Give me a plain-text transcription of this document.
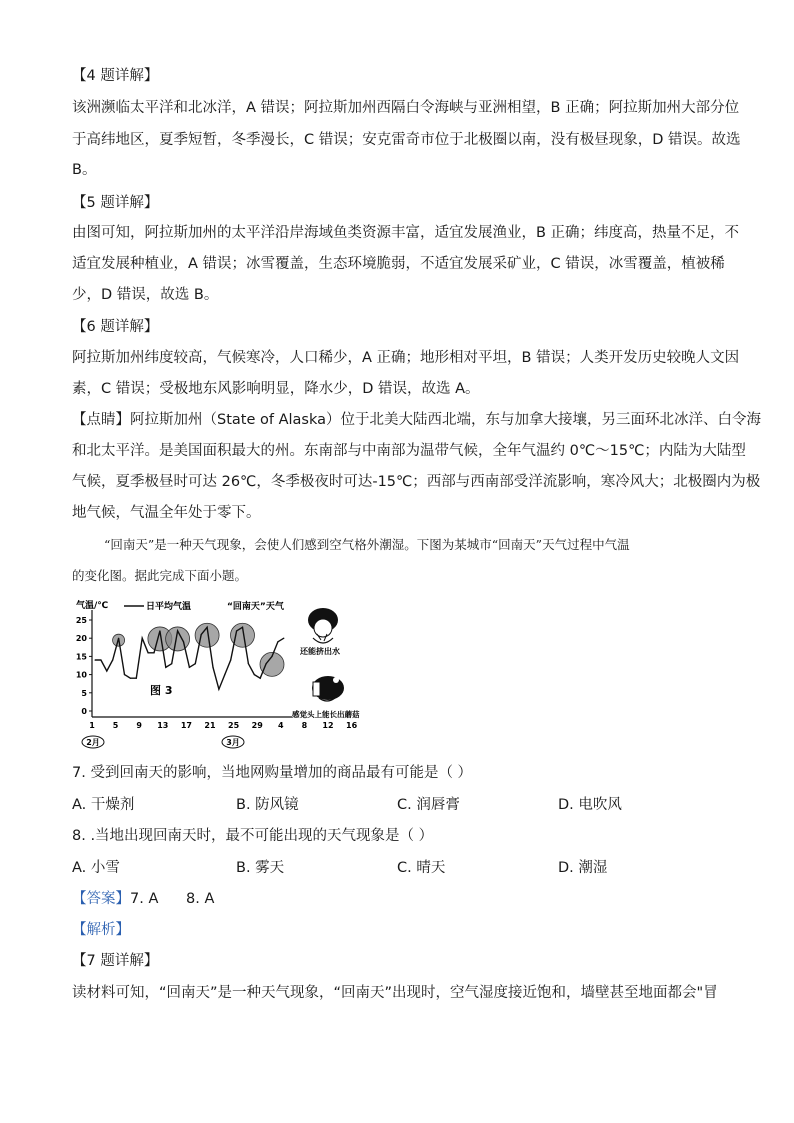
【4 题详解】
该洲濒临太平洋和北冰洋，A 错误；阿拉斯加州西隔白令海峡与亚洲相望，B 正确；阿拉斯加州大部分位
于高纬地区，夏季短暂，冬季漫长，C 错误；安克雷奇市位于北极圈以南，没有极昼现象，D 错误。故选
B。
【5 题详解】
由图可知，阿拉斯加州的太平洋沿岸海域鱼类资源丰富，适宜发展渔业，B 正确；纬度高，热量不足，不
适宜发展种植业，A 错误；冰雪覆盖，生态环境脆弱，不适宜发展采矿业，C 错误，冰雪覆盖，植被稀
少，D 错误，故选 B。
【6 题详解】
阿拉斯加州纬度较高，气候寒冷，人口稀少，A 正确；地形相对平坦，B 错误；人类开发历史较晚人文因
素，C 错误；受极地东风影响明显，降水少，D 错误，故选 A。
【点睛】阿拉斯加州（State of Alaska）位于北美大陆西北端，东与加拿大接壤，另三面环北冰洋、白令海
和北太平洋。是美国面积最大的州。东南部与中南部为温带气候，全年气温约 0℃～15℃；内陆为大陆型
气候，夏季极昼时可达 26℃，冬季极夜时可达-15℃；西部与西南部受洋流影响，寒冷风大；北极圈内为极
地气候，气温全年处于零下。
“回南天”是一种天气现象，会使人们感到空气格外潮湿。下图为某城市“回南天”天气过程中气温
的变化图。据此完成下面小题。
气温/℃	日平均气温	“回南天”天气
图 3
2月	3月
还能挤出水
感觉头上能长出蘑菇
0
5
10
15
20
25
1 5 9 13 17 21 25 29 4 8 12 16
7. 受到回南天的影响，当地网购量增加的商品最有可能是（ ）
A. 干燥剂	B. 防风镜	C. 润唇膏	D. 电吹风
8. .当地出现回南天时，最不可能出现的天气现象是（ ）
A. 小雪	B. 雾天	C. 晴天	D. 潮湿
【答案】7. A      8. A
【解析】
【7 题详解】
读材料可知，“回南天”是一种天气现象，“回南天”出现时，空气湿度接近饱和，墙壁甚至地面都会"冒
